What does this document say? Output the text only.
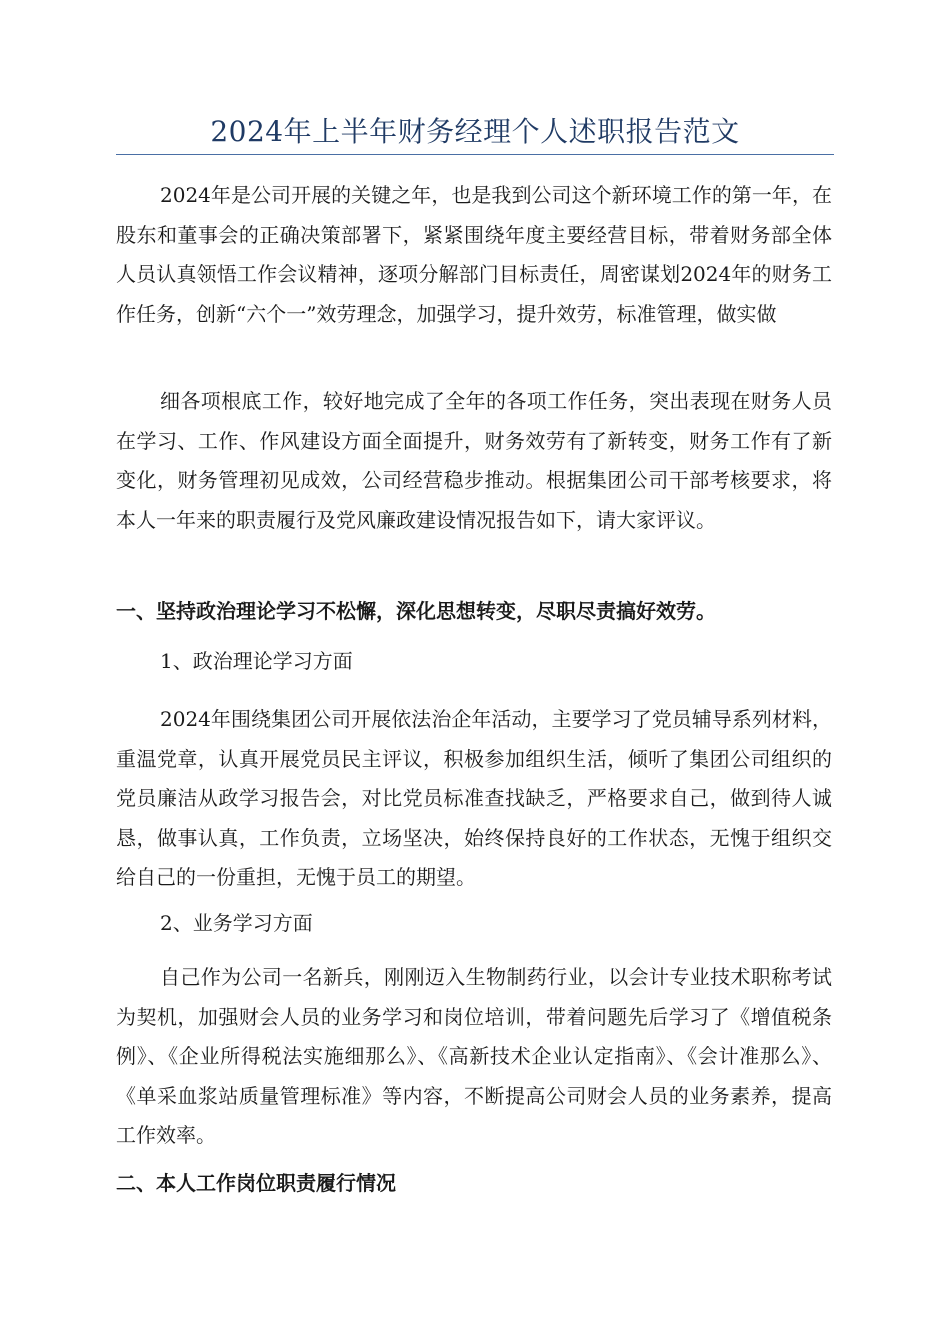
2024年上半年财务经理个人述职报告范文

2024年是公司开展的关键之年，也是我到公司这个新环境工作的第一年，在股东和董事会的正确决策部署下，紧紧围绕年度主要经营目标，带着财务部全体人员认真领悟工作会议精神，逐项分解部门目标责任，周密谋划2024年的财务工作任务，创新“六个一”效劳理念，加强学习，提升效劳，标准管理，做实做

细各项根底工作，较好地完成了全年的各项工作任务，突出表现在财务人员在学习、工作、作风建设方面全面提升，财务效劳有了新转变，财务工作有了新变化，财务管理初见成效，公司经营稳步推动。根据集团公司干部考核要求，将本人一年来的职责履行及党风廉政建设情况报告如下，请大家评议。

一、坚持政治理论学习不松懈，深化思想转变，尽职尽责搞好效劳。

1、政治理论学习方面

2024年围绕集团公司开展依法治企年活动，主要学习了党员辅导系列材料，重温党章，认真开展党员民主评议，积极参加组织生活，倾听了集团公司组织的党员廉洁从政学习报告会，对比党员标准查找缺乏，严格要求自己，做到待人诚恳，做事认真，工作负责，立场坚决，始终保持良好的工作状态，无愧于组织交给自己的一份重担，无愧于员工的期望。

2、业务学习方面

自己作为公司一名新兵，刚刚迈入生物制药行业，以会计专业技术职称考试为契机，加强财会人员的业务学习和岗位培训，带着问题先后学习了《增值税条例》、《企业所得税法实施细那么》、《高新技术企业认定指南》、《会计准那么》、《单采血浆站质量管理标准》等内容，不断提高公司财会人员的业务素养，提高工作效率。

二、本人工作岗位职责履行情况
